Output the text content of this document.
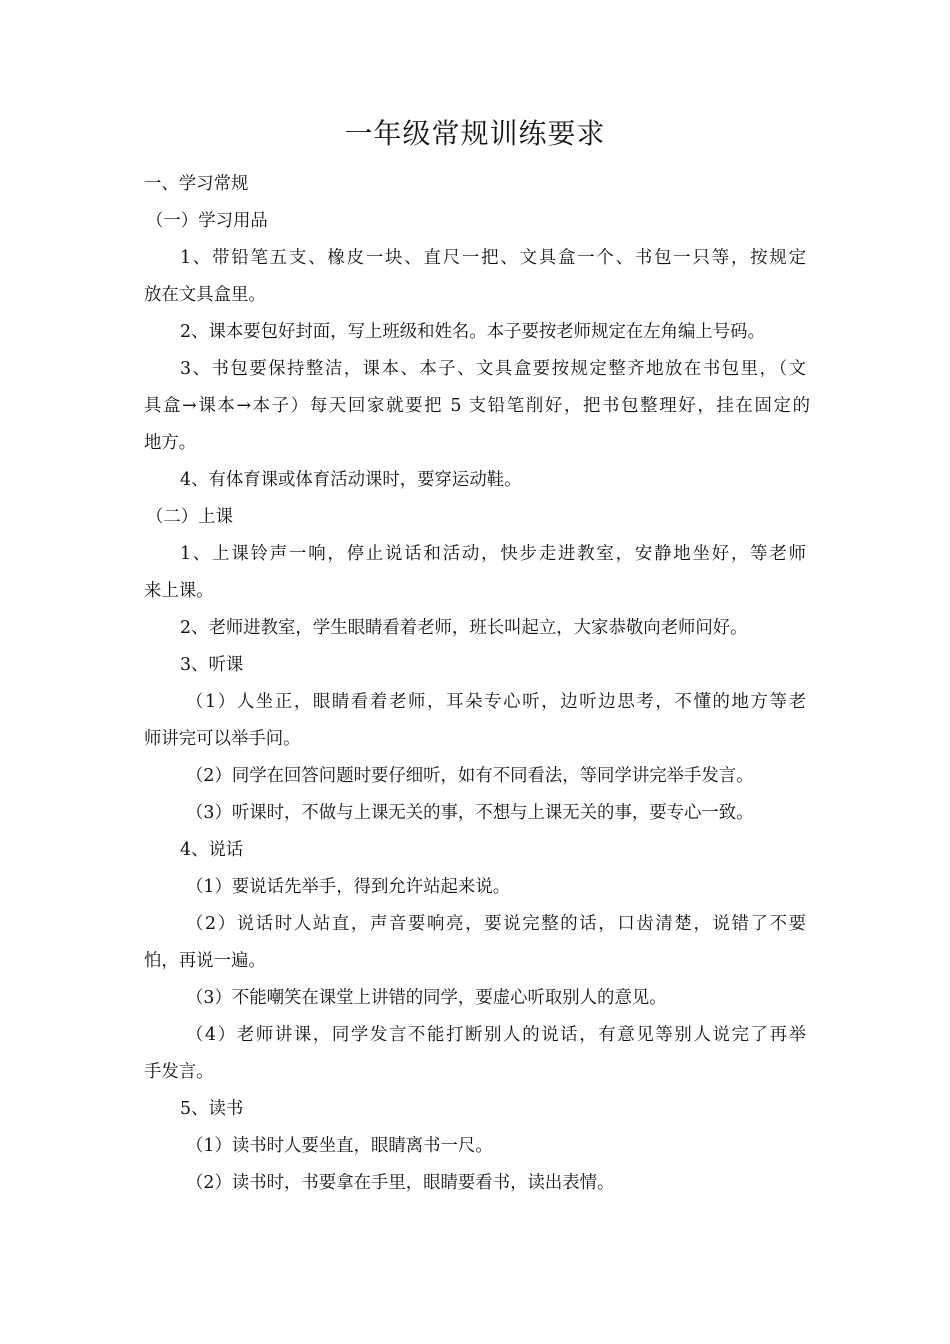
一年级常规训练要求
一、学习常规
（一）学习用品
1、带铅笔五支、橡皮一块、直尺一把、文具盒一个、书包一只等，按规定
放在文具盒里。
2、课本要包好封面，写上班级和姓名。本子要按老师规定在左角编上号码。
3、书包要保持整洁，课本、本子、文具盒要按规定整齐地放在书包里，（文
具盒→课本→本子）每天回家就要把 5 支铅笔削好，把书包整理好，挂在固定的
地方。
4、有体育课或体育活动课时，要穿运动鞋。
（二）上课
1、上课铃声一响，停止说话和活动，快步走进教室，安静地坐好，等老师
来上课。
2、老师进教室，学生眼睛看着老师，班长叫起立，大家恭敬向老师问好。
3、听课
（1）人坐正，眼睛看着老师，耳朵专心听，边听边思考，不懂的地方等老
师讲完可以举手问。
（2）同学在回答问题时要仔细听，如有不同看法，等同学讲完举手发言。
（3）听课时，不做与上课无关的事，不想与上课无关的事，要专心一致。
4、说话
（1）要说话先举手，得到允许站起来说。
（2）说话时人站直，声音要响亮，要说完整的话，口齿清楚，说错了不要
怕，再说一遍。
（3）不能嘲笑在课堂上讲错的同学，要虚心听取别人的意见。
（4）老师讲课，同学发言不能打断别人的说话，有意见等别人说完了再举
手发言。
5、读书
（1）读书时人要坐直，眼睛离书一尺。
（2）读书时，书要拿在手里，眼睛要看书，读出表情。
